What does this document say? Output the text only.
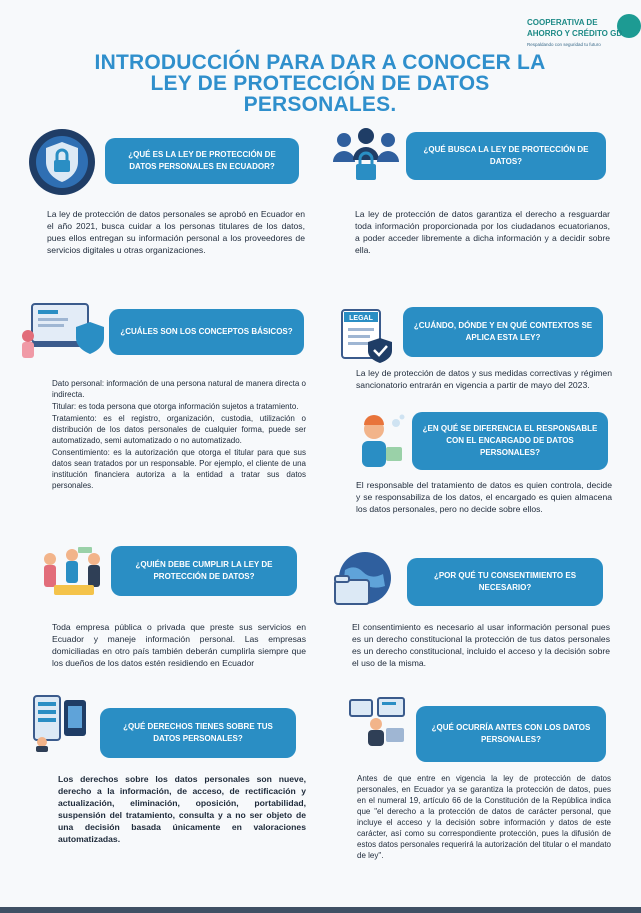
COOPERATIVA DE
AHORRO Y CRÉDITO GD
Respaldando con seguridad tu futuro
INTRODUCCIÓN PARA DAR A CONOCER LA
LEY DE PROTECCIÓN DE DATOS
PERSONALES.
¿QUÉ ES LA LEY DE PROTECCIÓN DE DATOS PERSONALES EN ECUADOR?
La ley de protección de datos personales se aprobó en Ecuador en el año 2021, busca cuidar a los personas titulares de los datos, pues ellos entregan su información personal a los proveedores de servicios digitales u otras organizaciones.
¿QUÉ BUSCA LA LEY DE PROTECCIÓN DE DATOS?
La ley de protección de datos garantiza el derecho a resguardar toda información proporcionada por los ciudadanos ecuatorianos, a poder acceder libremente a dicha información y a decidir sobre ella.
¿CUÁLES SON LOS CONCEPTOS BÁSICOS?
Dato personal: información de una persona natural de manera directa o indirecta.
Titular: es toda persona que otorga información sujetos a tratamiento.
Tratamiento: es el registro, organización, custodia, utilización o distribución de los datos personales de cualquier forma, puede ser automatizado, semi automatizado o no automatizado.
Consentimiento: es la autorización que otorga el titular para que sus datos sean tratados por un responsable. Por ejemplo, el cliente de una institución financiera autoriza a la entidad a tratar sus datos personales.
LEGAL
¿CUÁNDO, DÓNDE Y EN QUÉ CONTEXTOS SE APLICA ESTA LEY?
La ley de protección de datos y sus medidas correctivas y régimen sancionatorio entrarán en vigencia a partir de mayo del 2023.
¿EN QUÉ SE DIFERENCIA EL RESPONSABLE CON EL ENCARGADO DE DATOS PERSONALES?
El responsable del tratamiento de datos es quien controla, decide y se responsabiliza de los datos, el encargado es quien almacena los datos personales, pero no decide sobre ellos.
¿QUIÉN DEBE CUMPLIR LA LEY DE PROTECCIÓN DE DATOS?
Toda empresa pública o privada que preste sus servicios en Ecuador y maneje información personal. Las empresas domiciliadas en otro país también deberán cumplirla siempre que los dueños de los datos estén residiendo en Ecuador
¿POR QUÉ TU CONSENTIMIENTO ES NECESARIO?
El consentimiento es necesario al usar información personal pues es un derecho constitucional la protección de tus datos personales es un derecho constitucional, incluido el acceso y la decisión sobre el uso de la misma.
¿QUÉ DERECHOS TIENES SOBRE TUS DATOS PERSONALES?
Los derechos sobre los datos personales son nueve, derecho a la información, de acceso, de rectificación y actualización, eliminación, oposición, portabilidad, suspensión del tratamiento, consulta y a no ser objeto de una decisión basada únicamente en valoraciones automatizadas.
¿QUÉ OCURRÍA ANTES CON LOS DATOS PERSONALES?
Antes de que entre en vigencia la ley de protección de datos personales, en Ecuador ya se garantiza la protección de datos, pues en el numeral 19, artículo 66 de la Constitución de la República indica que "el derecho a la protección de datos de carácter personal, que incluye el acceso y la decisión sobre información y datos de este carácter, así como su correspondiente protección, pues la difusión de estos datos personales requerirá la autorización del titular o el mandato de ley".
